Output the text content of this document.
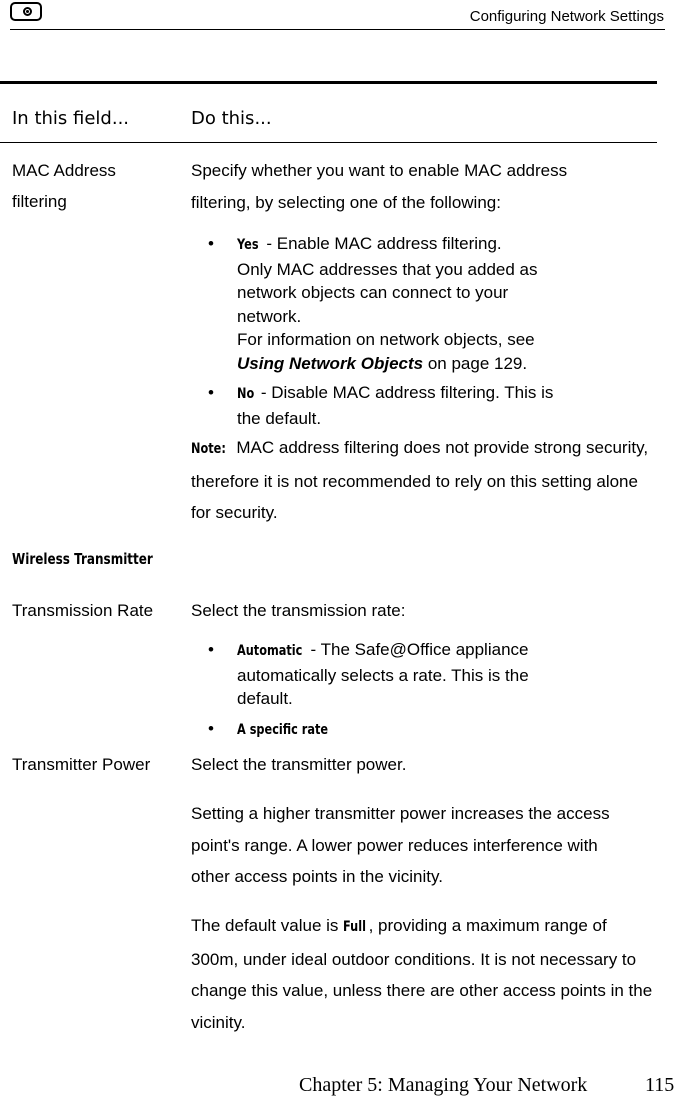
Configuring Network Settings
In this field...	Do this...

MAC Address

filtering

Specify whether you want to enable MAC address filtering, by selecting one of the following:
• Yes - Enable MAC address filtering.
Only MAC addresses that you added as network objects can connect to your network.
For information on network objects, see
Using Network Objects on page 129.
• No - Disable MAC address filtering. This is the default.
Note: MAC address filtering does not provide strong security, therefore it is not recommended to rely on this setting alone for security.
Wireless Transmitter
Transmission Rate Select the transmission rate:
• Automatic - The Safe@Office appliance automatically selects a rate. This is the default.
• A specific rate
Transmitter Power Select the transmitter power.
Setting a higher transmitter power increases the access point's range. A lower power reduces interference with other access points in the vicinity.
The default value is Full , providing a maximum range of 300m, under ideal outdoor conditions. It is not necessary to change this value, unless there are other access points in the vicinity.
Chapter 5: Managing Your Network	115
